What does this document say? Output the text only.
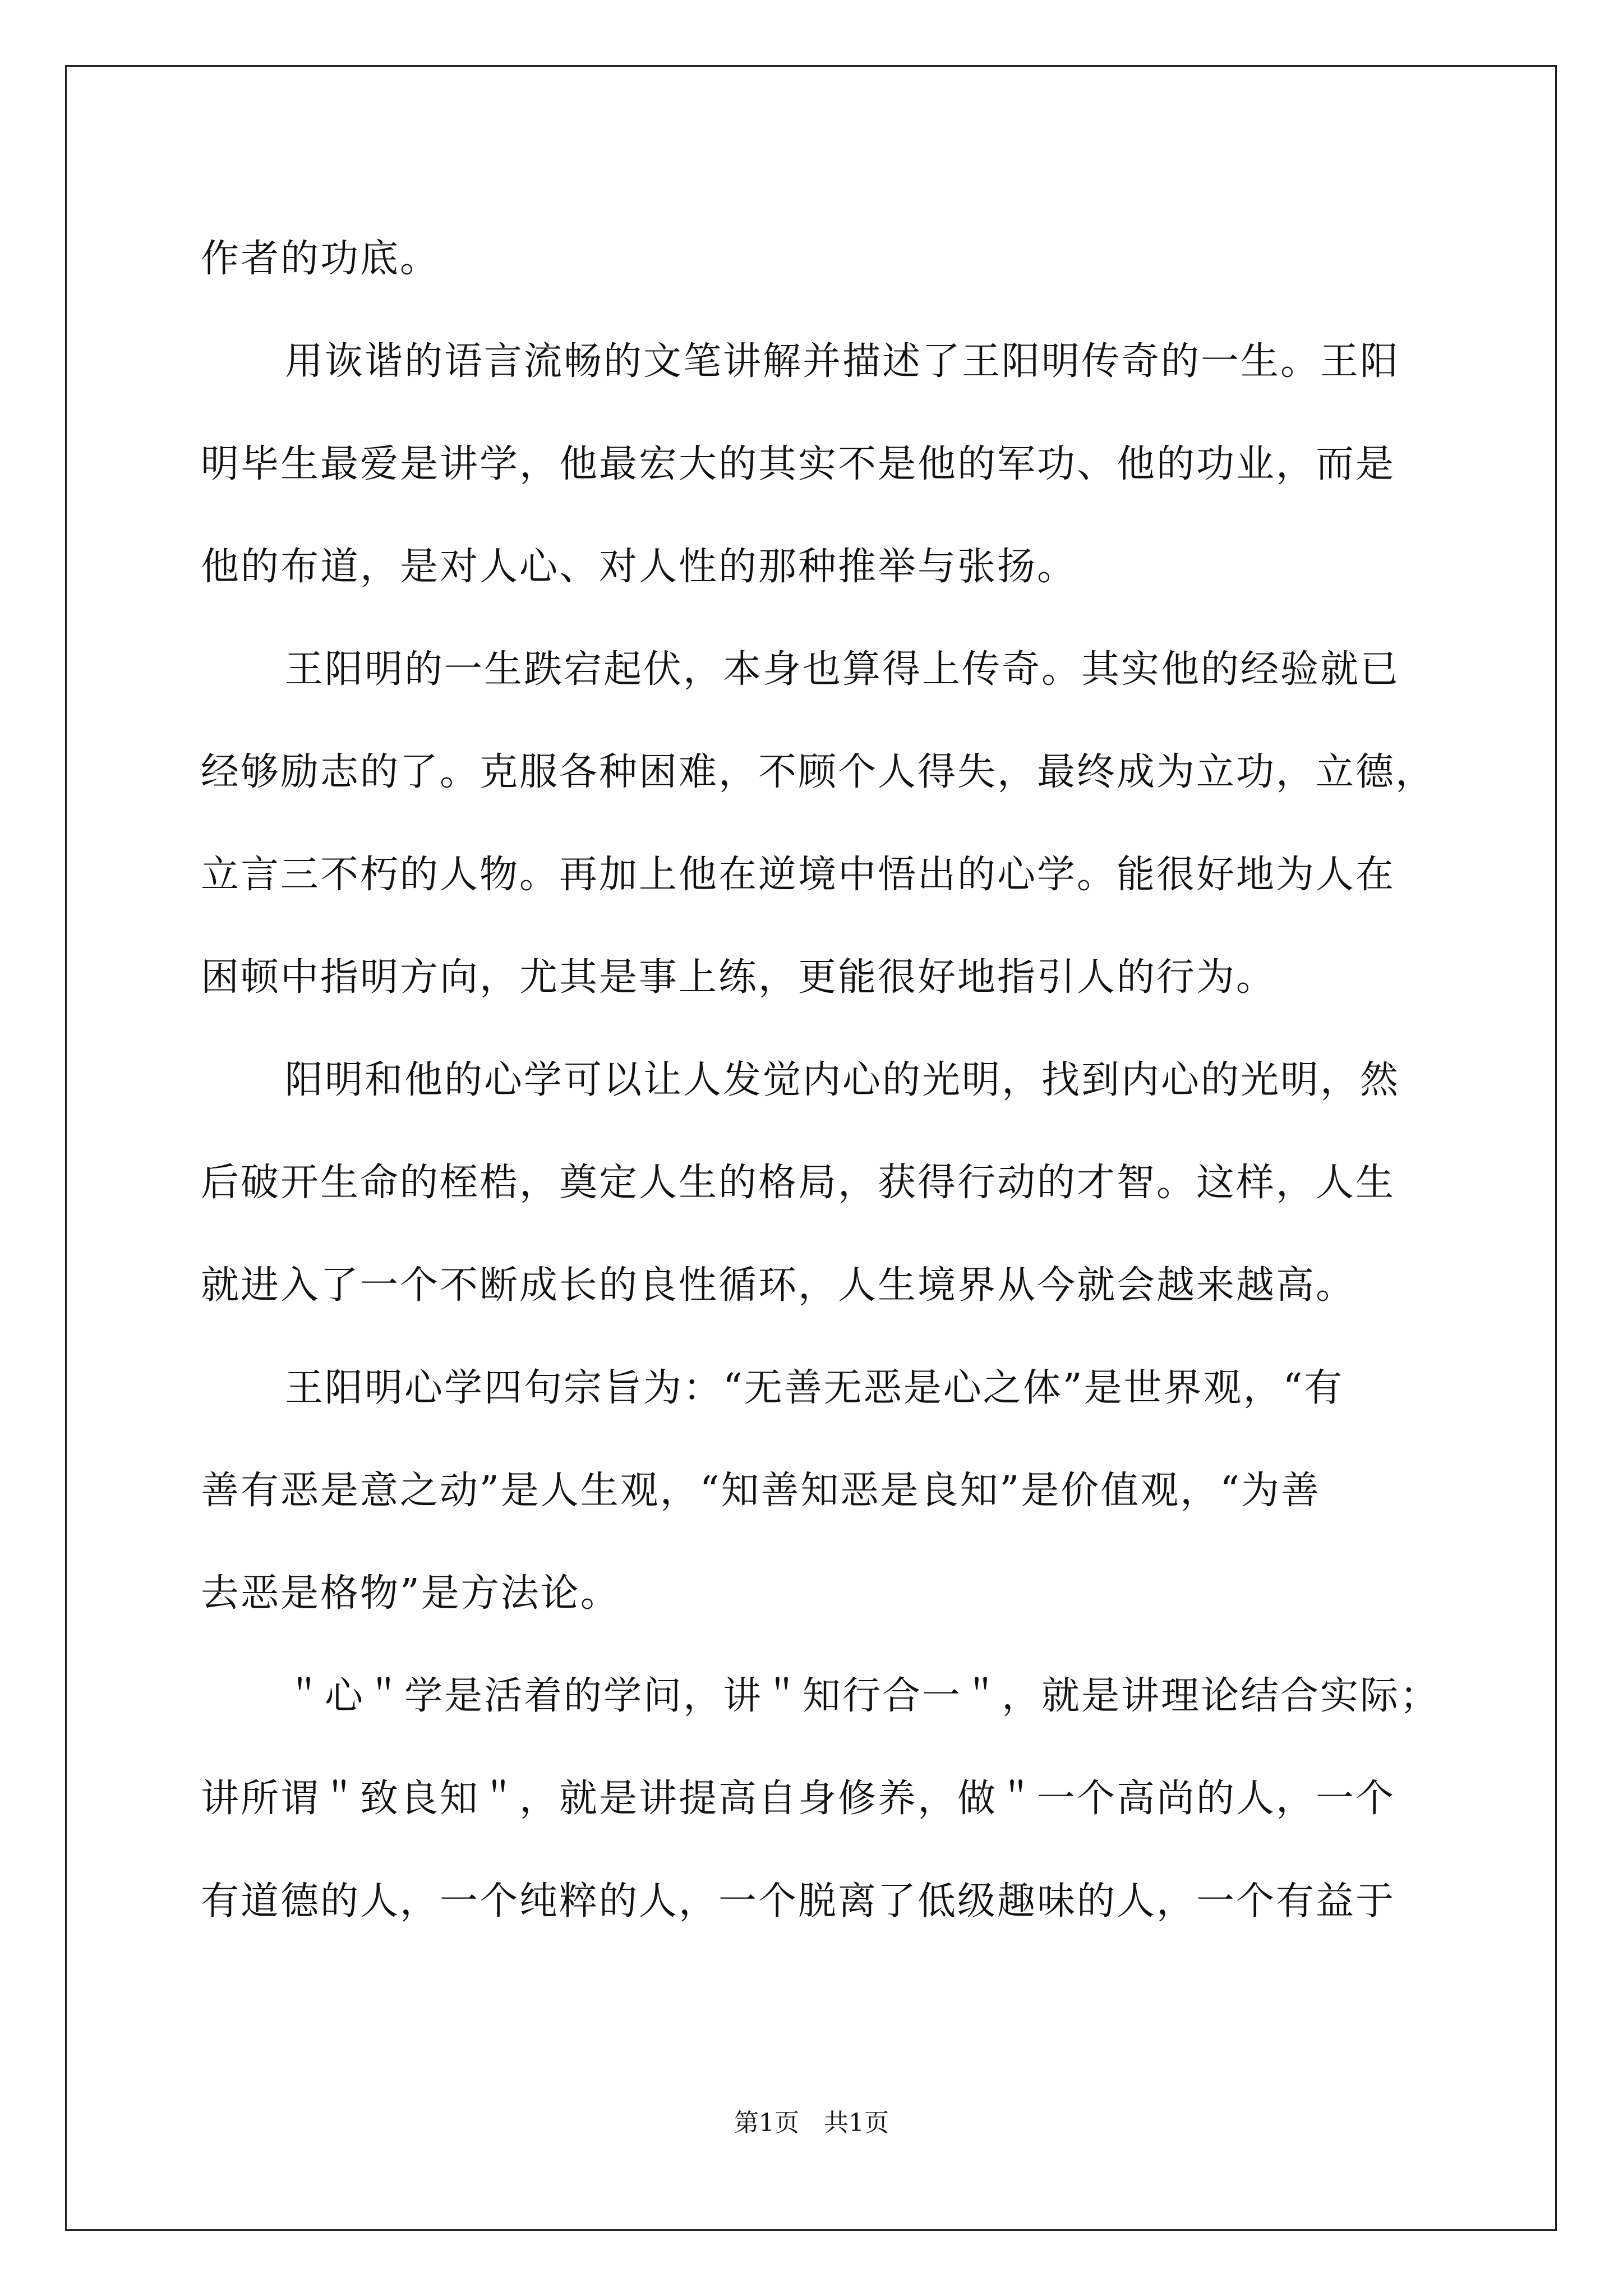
作者的功底。
用诙谐的语言流畅的文笔讲解并描述了王阳明传奇的一生。王阳
明毕生最爱是讲学，他最宏大的其实不是他的军功、他的功业，而是
他的布道，是对人心、对人性的那种推举与张扬。
王阳明的一生跌宕起伏，本身也算得上传奇。其实他的经验就已
经够励志的了。克服各种困难，不顾个人得失，最终成为立功，立德，
立言三不朽的人物。再加上他在逆境中悟出的心学。能很好地为人在
困顿中指明方向，尤其是事上练，更能很好地指引人的行为。
阳明和他的心学可以让人发觉内心的光明，找到内心的光明，然
后破开生命的桎梏，奠定人生的格局，获得行动的才智。这样，人生
就进入了一个不断成长的良性循环，人生境界从今就会越来越高。
王阳明心学四句宗旨为：“无善无恶是心之体”是世界观，“有
善有恶是意之动”是人生观，“知善知恶是良知”是价值观，“为善
去恶是格物”是方法论。
＂心＂学是活着的学问，讲＂知行合一＂，就是讲理论结合实际；
讲所谓＂致良知＂，就是讲提高自身修养，做＂一个高尚的人，一个
有道德的人，一个纯粹的人，一个脱离了低级趣味的人，一个有益于
第1页　共1页
